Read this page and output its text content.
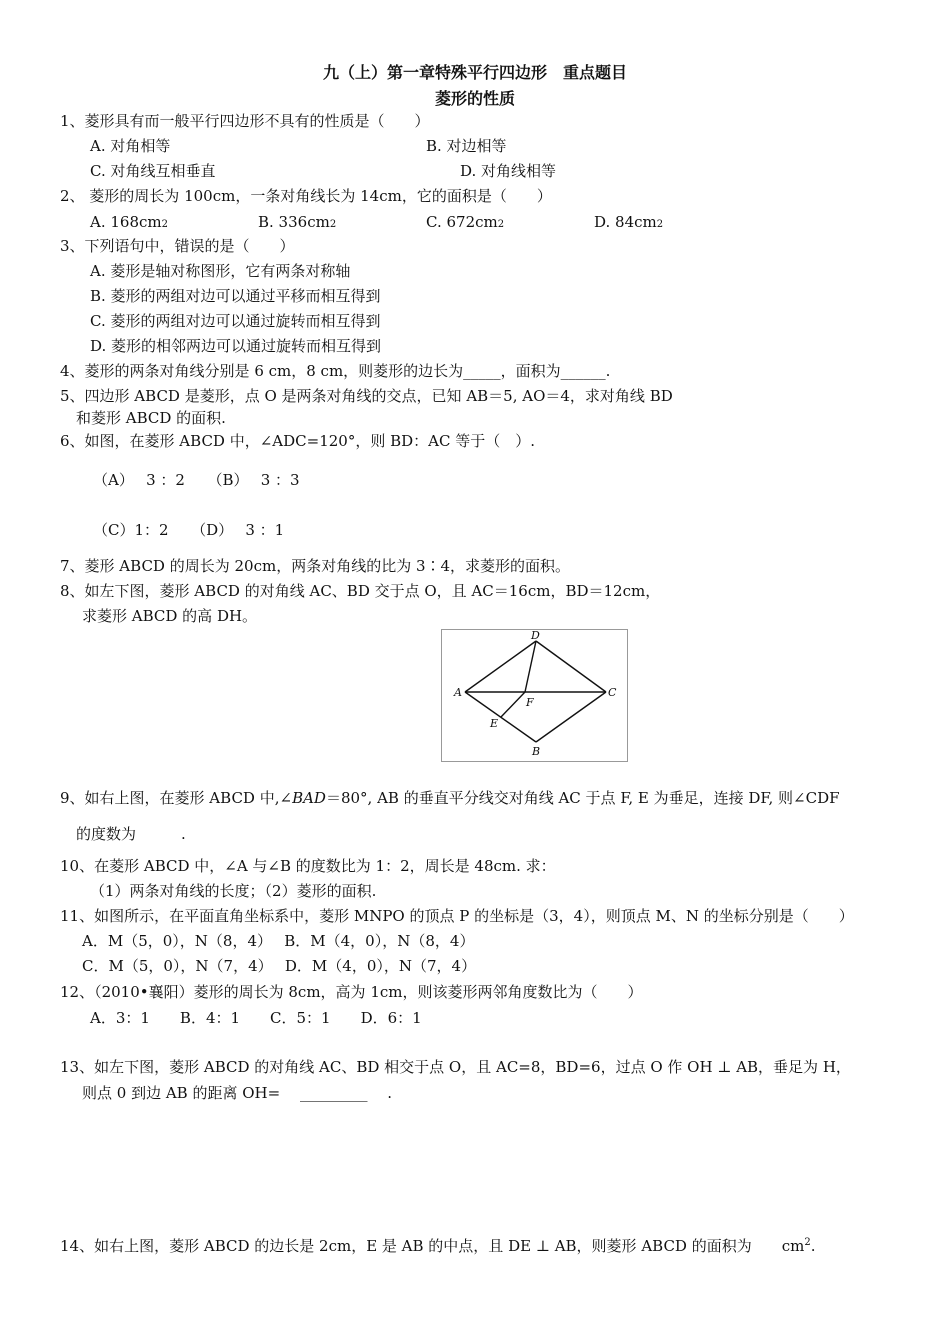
九（上）第一章特殊平行四边形　重点题目
菱形的性质
1、菱形具有而一般平行四边形不具有的性质是（　　）
A. 对角相等	B. 对边相等
C. 对角线互相垂直	D. 对角线相等
2、 菱形的周长为 100cm，一条对角线长为 14cm，它的面积是（　　）
A. 168cm2	B. 336cm2	C. 672cm2	D. 84cm2
3、下列语句中，错误的是（　　）
A. 菱形是轴对称图形，它有两条对称轴
B. 菱形的两组对边可以通过平移而相互得到
C. 菱形的两组对边可以通过旋转而相互得到
D. 菱形的相邻两边可以通过旋转而相互得到
4、菱形的两条对角线分别是 6 cm，8 cm，则菱形的边长为_____，面积为______.
5、四边形 ABCD 是菱形，点 O 是两条对角线的交点，已知 AB＝5, AO＝4，求对角线 BD
和菱形 ABCD 的面积.
6、如图，在菱形 ABCD 中，∠ADC=120°，则 BD：AC 等于（　）.
（A）　 3 ：2　　（B）　 3 ：3
（C）1：2　　（D）　 3 ：1
7、菱形 ABCD 的周长为 20cm，两条对角线的比为 3∶4，求菱形的面积。
8、如左下图，菱形 ABCD 的对角线 AC、BD 交于点 O，且 AC＝16cm，BD＝12cm，
求菱形 ABCD 的高 DH。
A
D
C
B
E
F
9、如右上图，在菱形 ABCD 中,∠BAD＝80°, AB 的垂直平分线交对角线 AC 于点 F, E 为垂足，连接 DF, 则∠CDF
的度数为　　　.
10、在菱形 ABCD 中，∠A 与∠B 的度数比为 1：2，周长是 48cm. 求：
（1）两条对角线的长度；（2）菱形的面积.
11、如图所示，在平面直角坐标系中，菱形 MNPO 的顶点 P 的坐标是（3，4），则顶点 M、N 的坐标分别是（　　）
A．M（5，0），N（8，4）　 B．M（4，0），N（8，4）
C．M（5，0），N（7，4）　 D．M（4，0），N（7，4）
12、（2010•襄阳）菱形的周长为 8cm，高为 1cm，则该菱形两邻角度数比为（　　）
A．3：1　　B．4：1　　C．5：1　　D．6：1
13、如左下图，菱形 ABCD 的对角线 AC、BD 相交于点 O，且 AC=8，BD=6，过点 O 作 OH ⊥ AB，垂足为 H，
则点 0 到边 AB 的距离 OH=　 _________　 .
14、如右上图，菱形 ABCD 的边长是 2cm，E 是 AB 的中点，且 DE ⊥ AB，则菱形 ABCD 的面积为　　$cm^2$.
